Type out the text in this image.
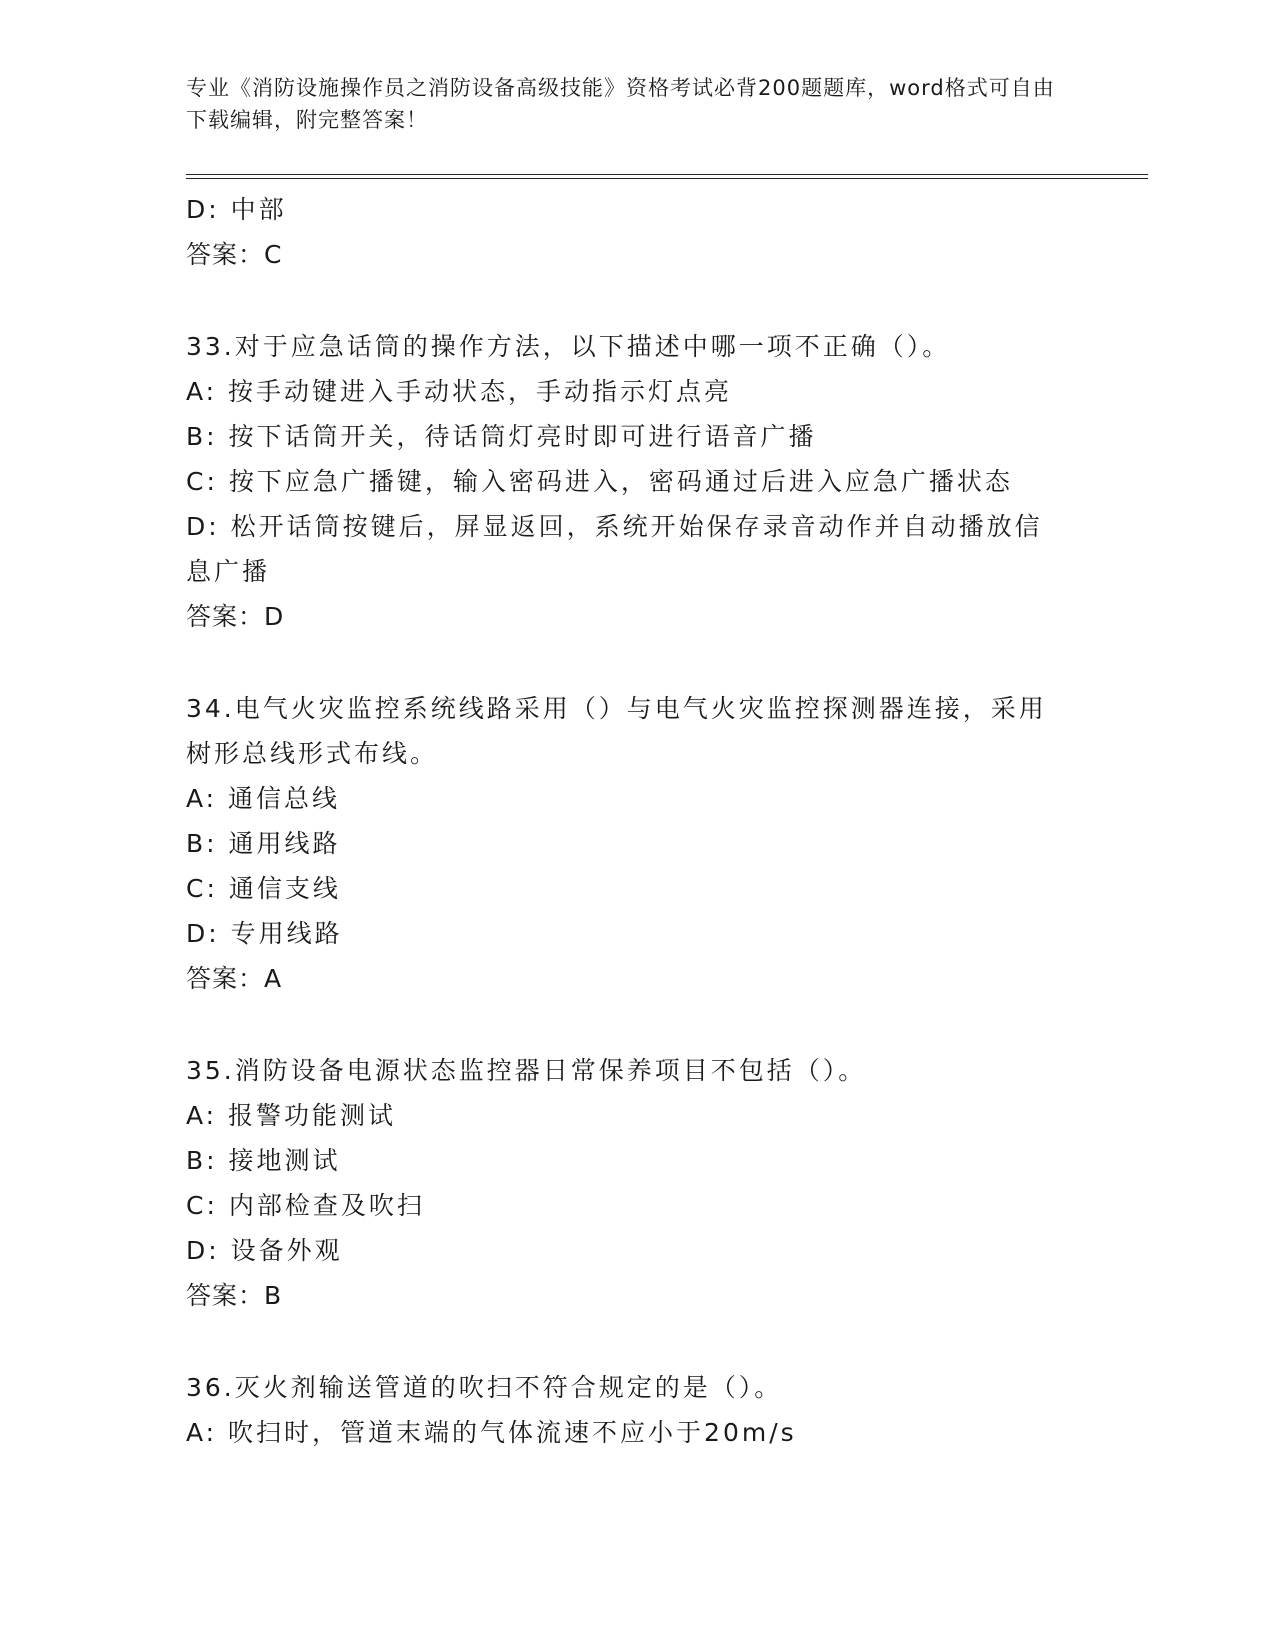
专业《消防设施操作员之消防设备高级技能》资格考试必背200题题库，word格式可自由下载编辑，附完整答案！
D: 中部
答案：C
33.对于应急话筒的操作方法，以下描述中哪一项不正确（）。
A: 按手动键进入手动状态，手动指示灯点亮
B: 按下话筒开关，待话筒灯亮时即可进行语音广播
C: 按下应急广播键，输入密码进入，密码通过后进入应急广播状态
D: 松开话筒按键后，屏显返回，系统开始保存录音动作并自动播放信息广播
答案：D
34.电气火灾监控系统线路采用（）与电气火灾监控探测器连接，采用树形总线形式布线。
A: 通信总线
B: 通用线路
C: 通信支线
D: 专用线路
答案：A
35.消防设备电源状态监控器日常保养项目不包括（）。
A: 报警功能测试
B: 接地测试
C: 内部检查及吹扫
D: 设备外观
答案：B
36.灭火剂输送管道的吹扫不符合规定的是（）。
A: 吹扫时，管道末端的气体流速不应小于20m/s
